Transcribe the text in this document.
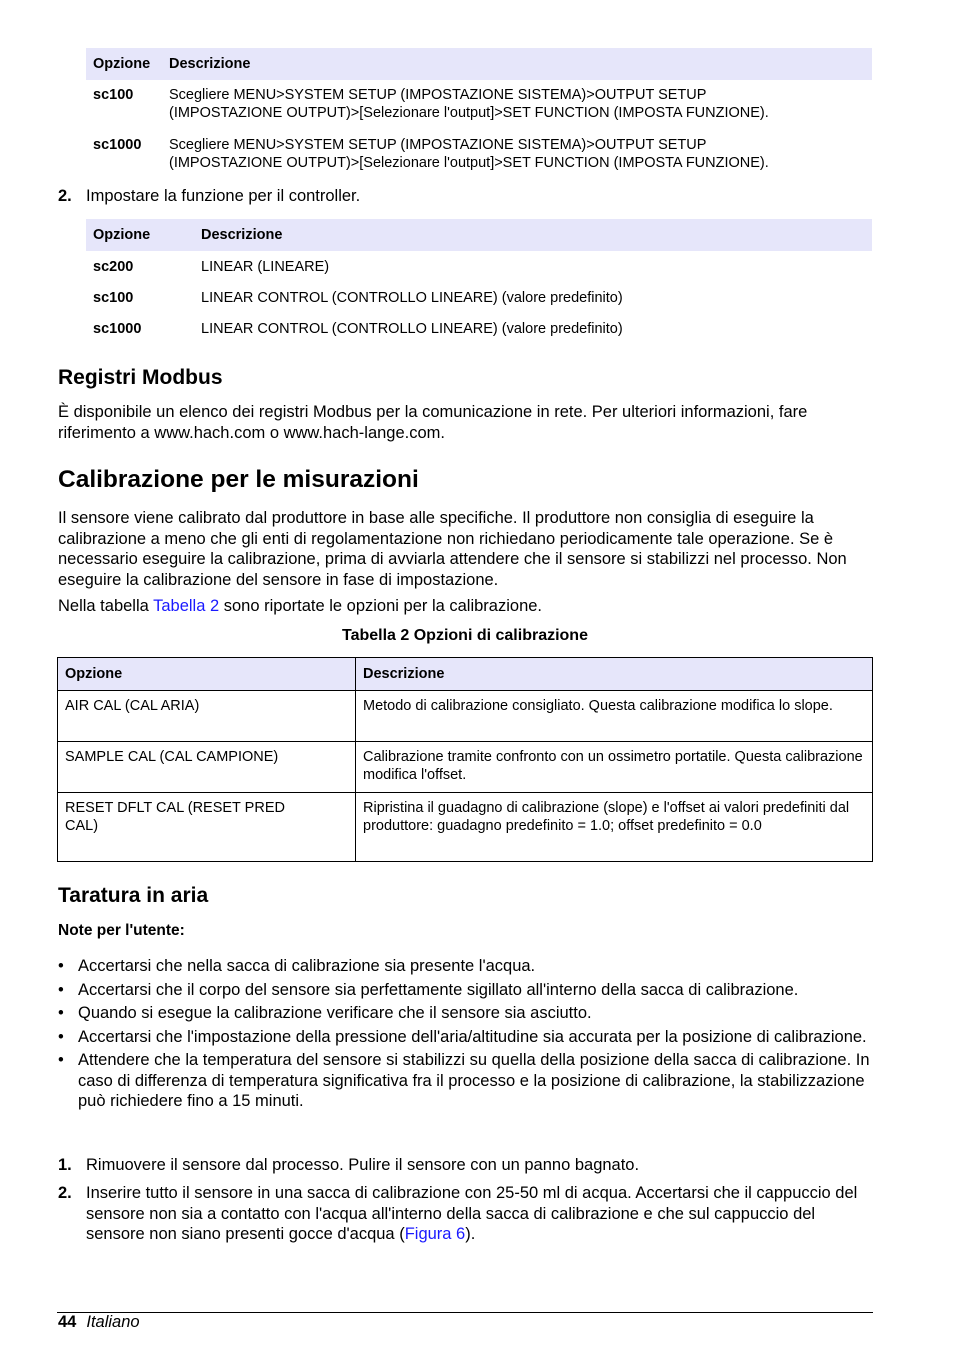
Opzione	Descrizione
sc100	Scegliere MENU>SYSTEM SETUP (IMPOSTAZIONE SISTEMA)>OUTPUT SETUP
(IMPOSTAZIONE OUTPUT)>[Selezionare l'output]>SET FUNCTION (IMPOSTA FUNZIONE).

sc1000	Scegliere MENU>SYSTEM SETUP (IMPOSTAZIONE SISTEMA)>OUTPUT SETUP
(IMPOSTAZIONE OUTPUT)>[Selezionare l'output]>SET FUNCTION (IMPOSTA FUNZIONE).
2. Impostare la funzione per il controller.
Opzione	Descrizione
sc200	LINEAR (LINEARE)
sc100	LINEAR CONTROL (CONTROLLO LINEARE) (valore predefinito)
sc1000	LINEAR CONTROL (CONTROLLO LINEARE) (valore predefinito)
Registri Modbus

È disponibile un elenco dei registri Modbus per la comunicazione in rete. Per ulteriori informazioni, fare riferimento a www.hach.com o www.hach-lange.com.

Calibrazione per le misurazioni

Il sensore viene calibrato dal produttore in base alle specifiche. Il produttore non consiglia di eseguire la calibrazione a meno che gli enti di regolamentazione non richiedano periodicamente tale operazione. Se è necessario eseguire la calibrazione, prima di avviarla attendere che il sensore si stabilizzi nel processo. Non eseguire la calibrazione del sensore in fase di impostazione.

Nella tabella Tabella 2 sono riportate le opzioni per la calibrazione.

Tabella 2 Opzioni di calibrazione
Opzione	Descrizione
AIR CAL (CAL ARIA)	Metodo di calibrazione consigliato. Questa calibrazione modifica lo slope.
SAMPLE CAL (CAL CAMPIONE)	Calibrazione tramite confronto con un ossimetro portatile. Questa calibrazione modifica l'offset.
RESET DFLT CAL (RESET PRED CAL)	Ripristina il guadagno di calibrazione (slope) e l'offset ai valori predefiniti dal produttore: guadagno predefinito = 1.0; offset predefinito = 0.0
Taratura in aria
Note per l'utente:
• Accertarsi che nella sacca di calibrazione sia presente l'acqua.
• Accertarsi che il corpo del sensore sia perfettamente sigillato all'interno della sacca di calibrazione.
• Quando si esegue la calibrazione verificare che il sensore sia asciutto.
• Accertarsi che l'impostazione della pressione dell'aria/altitudine sia accurata per la posizione di calibrazione.
• Attendere che la temperatura del sensore si stabilizzi su quella della posizione della sacca di calibrazione. In caso di differenza di temperatura significativa fra il processo e la posizione di calibrazione, la stabilizzazione può richiedere fino a 15 minuti.
1. Rimuovere il sensore dal processo. Pulire il sensore con un panno bagnato.
2. Inserire tutto il sensore in una sacca di calibrazione con 25-50 ml di acqua. Accertarsi che il cappuccio del sensore non sia a contatto con l'acqua all'interno della sacca di calibrazione e che sul cappuccio del sensore non siano presenti gocce d'acqua (Figura 6).
44 Italiano
